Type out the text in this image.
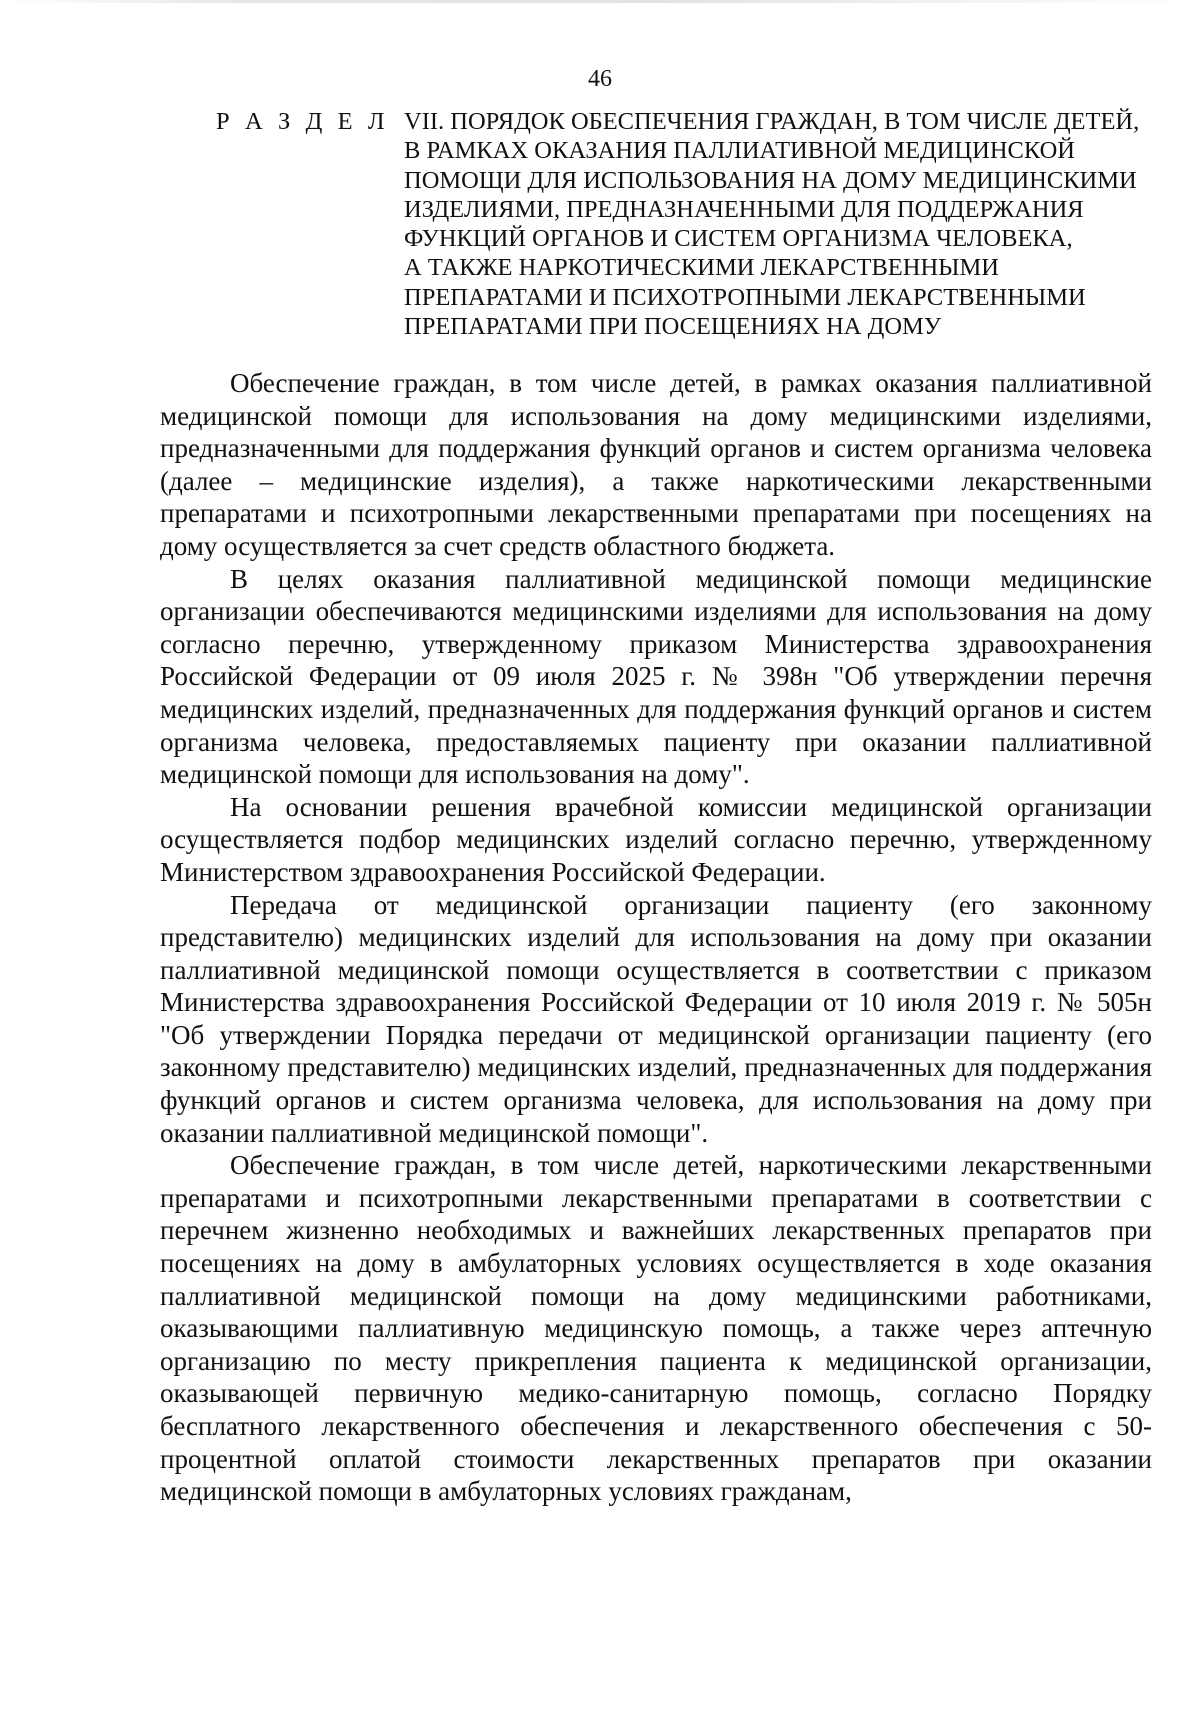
46
Р А З Д Е Л VII. ПОРЯДОК ОБЕСПЕЧЕНИЯ ГРАЖДАН, В ТОМ ЧИСЛЕ ДЕТЕЙ,
В РАМКАХ ОКАЗАНИЯ ПАЛЛИАТИВНОЙ МЕДИЦИНСКОЙ
ПОМОЩИ ДЛЯ ИСПОЛЬЗОВАНИЯ НА ДОМУ МЕДИЦИНСКИМИ
ИЗДЕЛИЯМИ, ПРЕДНАЗНАЧЕННЫМИ ДЛЯ ПОДДЕРЖАНИЯ
ФУНКЦИЙ ОРГАНОВ И СИСТЕМ ОРГАНИЗМА ЧЕЛОВЕКА,
А ТАКЖЕ НАРКОТИЧЕСКИМИ ЛЕКАРСТВЕННЫМИ
ПРЕПАРАТАМИ И ПСИХОТРОПНЫМИ ЛЕКАРСТВЕННЫМИ
ПРЕПАРАТАМИ ПРИ ПОСЕЩЕНИЯХ НА ДОМУ

Обеспечение граждан, в том числе детей, в рамках оказания паллиативной медицинской помощи для использования на дому медицинскими изделиями, предназначенными для поддержания функций органов и систем организма человека (далее – медицинские изделия), а также наркотическими лекарственными препаратами и психотропными лекарственными препаратами при посещениях на дому осуществляется за счет средств областного бюджета.

В целях оказания паллиативной медицинской помощи медицинские организации обеспечиваются медицинскими изделиями для использования на дому согласно перечню, утвержденному приказом Министерства здравоохранения Российской Федерации от 09 июля 2025 г. № 398н "Об утверждении перечня медицинских изделий, предназначенных для поддержания функций органов и систем организма человека, предоставляемых пациенту при оказании паллиативной медицинской помощи для использования на дому".

На основании решения врачебной комиссии медицинской организации осуществляется подбор медицинских изделий согласно перечню, утвержденному Министерством здравоохранения Российской Федерации.

Передача от медицинской организации пациенту (его законному представителю) медицинских изделий для использования на дому при оказании паллиативной медицинской помощи осуществляется в соответствии с приказом Министерства здравоохранения Российской Федерации от 10 июля 2019 г. № 505н "Об утверждении Порядка передачи от медицинской организации пациенту (его законному представителю) медицинских изделий, предназначенных для поддержания функций органов и систем организма человека, для использования на дому при оказании паллиативной медицинской помощи".

Обеспечение граждан, в том числе детей, наркотическими лекарственными препаратами и психотропными лекарственными препаратами в соответствии с перечнем жизненно необходимых и важнейших лекарственных препаратов при посещениях на дому в амбулаторных условиях осуществляется в ходе оказания паллиативной медицинской помощи на дому медицинскими работниками, оказывающими паллиативную медицинскую помощь, а также через аптечную организацию по месту прикрепления пациента к медицинской организации, оказывающей первичную медико-санитарную помощь, согласно Порядку бесплатного лекарственного обеспечения и лекарственного обеспечения с 50-процентной оплатой стоимости лекарственных препаратов при оказании медицинской помощи в амбулаторных условиях гражданам,
